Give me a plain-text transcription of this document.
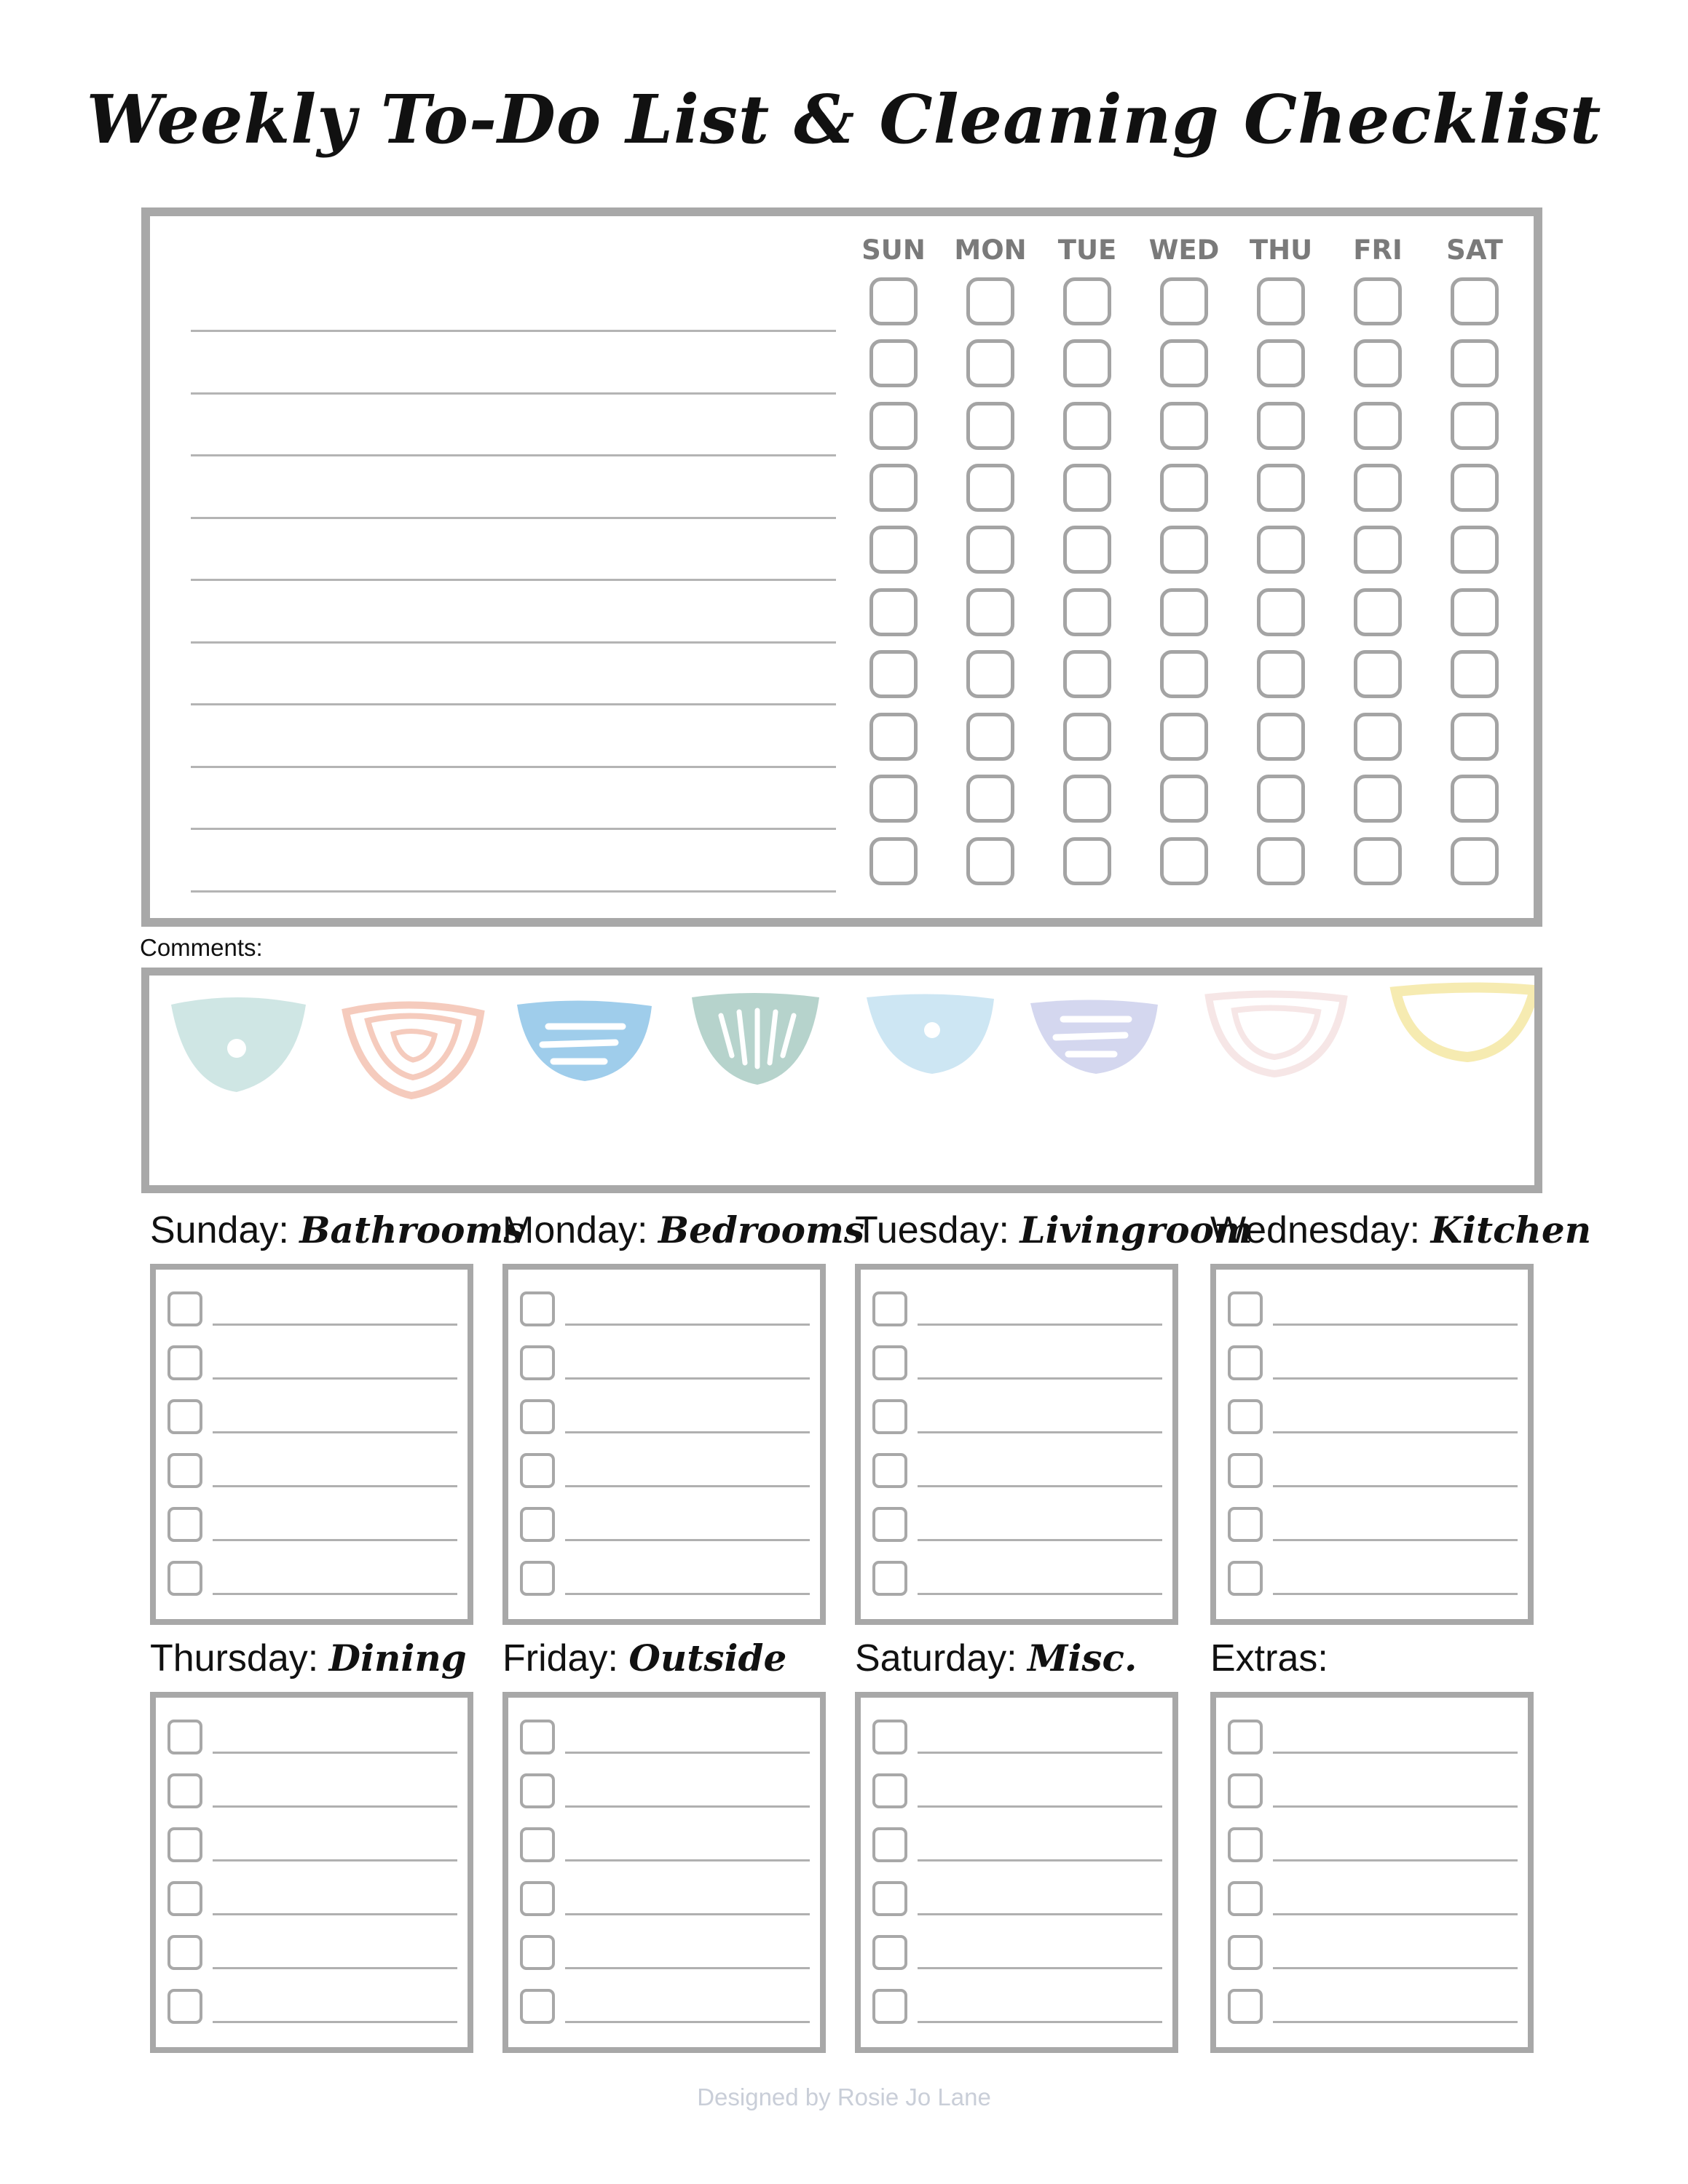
Weekly To-Do List & Cleaning Checklist
SUN	MON	TUE	WED	THU	FRI	SAT
Comments:
Sunday: Bathrooms
Monday: Bedrooms
Tuesday: Livingroom
Wednesday: Kitchen
Thursday: Dining Friday: Outside Saturday: Misc. Extras:
Designed by Rosie Jo Lane
